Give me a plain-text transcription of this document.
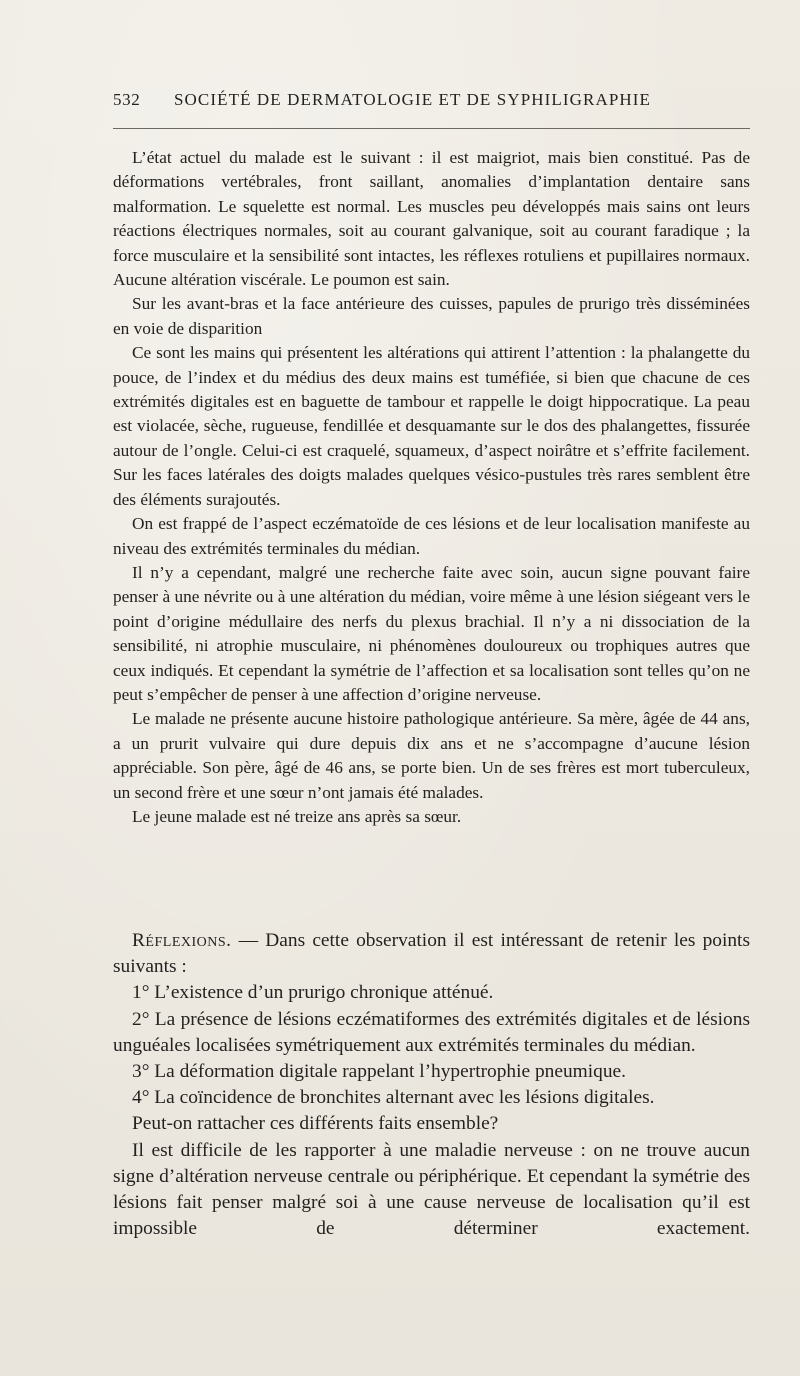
532 SOCIÉTÉ DE DERMATOLOGIE ET DE SYPHILIGRAPHIE

L’état actuel du malade est le suivant : il est maigriot, mais bien constitué. Pas de déformations vertébrales, front saillant, anomalies d’implantation dentaire sans malformation. Le squelette est normal. Les muscles peu développés mais sains ont leurs réactions électriques normales, soit au courant galvanique, soit au courant faradique ; la force musculaire et la sensibilité sont intactes, les réflexes rotuliens et pupillaires normaux. Aucune altération viscérale. Le poumon est sain.

Sur les avant-bras et la face antérieure des cuisses, papules de prurigo très disséminées en voie de disparition

Ce sont les mains qui présentent les altérations qui attirent l’attention : la phalangette du pouce, de l’index et du médius des deux mains est tuméfiée, si bien que chacune de ces extrémités digitales est en baguette de tambour et rappelle le doigt hippocratique. La peau est violacée, sèche, rugueuse, fendillée et desquamante sur le dos des phalangettes, fissurée autour de l’ongle. Celui-ci est craquelé, squameux, d’aspect noirâtre et s’effrite facilement. Sur les faces latérales des doigts malades quelques vésico-pustules très rares semblent être des éléments surajoutés.

On est frappé de l’aspect eczématoïde de ces lésions et de leur localisation manifeste au niveau des extrémités terminales du médian.

Il n’y a cependant, malgré une recherche faite avec soin, aucun signe pouvant faire penser à une névrite ou à une altération du médian, voire même à une lésion siégeant vers le point d’origine médullaire des nerfs du plexus brachial. Il n’y a ni dissociation de la sensibilité, ni atrophie musculaire, ni phénomènes douloureux ou trophiques autres que ceux indiqués. Et cependant la symétrie de l’affection et sa localisation sont telles qu’on ne peut s’empêcher de penser à une affection d’origine nerveuse.

Le malade ne présente aucune histoire pathologique antérieure. Sa mère, âgée de 44 ans, a un prurit vulvaire qui dure depuis dix ans et ne s’accompagne d’aucune lésion appréciable. Son père, âgé de 46 ans, se porte bien. Un de ses frères est mort tuberculeux, un second frère et une sœur n’ont jamais été malades.

Le jeune malade est né treize ans après sa sœur.

Réflexions. — Dans cette observation il est intéressant de retenir les points suivants :

1° L’existence d’un prurigo chronique atténué.

2° La présence de lésions eczématiformes des extrémités digitales et de lésions unguéales localisées symétriquement aux extrémités terminales du médian.

3° La déformation digitale rappelant l’hypertrophie pneumique.

4° La coïncidence de bronchites alternant avec les lésions digitales.

Peut-on rattacher ces différents faits ensemble?

Il est difficile de les rapporter à une maladie nerveuse : on ne trouve aucun signe d’altération nerveuse centrale ou périphérique. Et cependant la symétrie des lésions fait penser malgré soi à une cause nerveuse de localisation qu’il est impossible de déterminer exactement.
